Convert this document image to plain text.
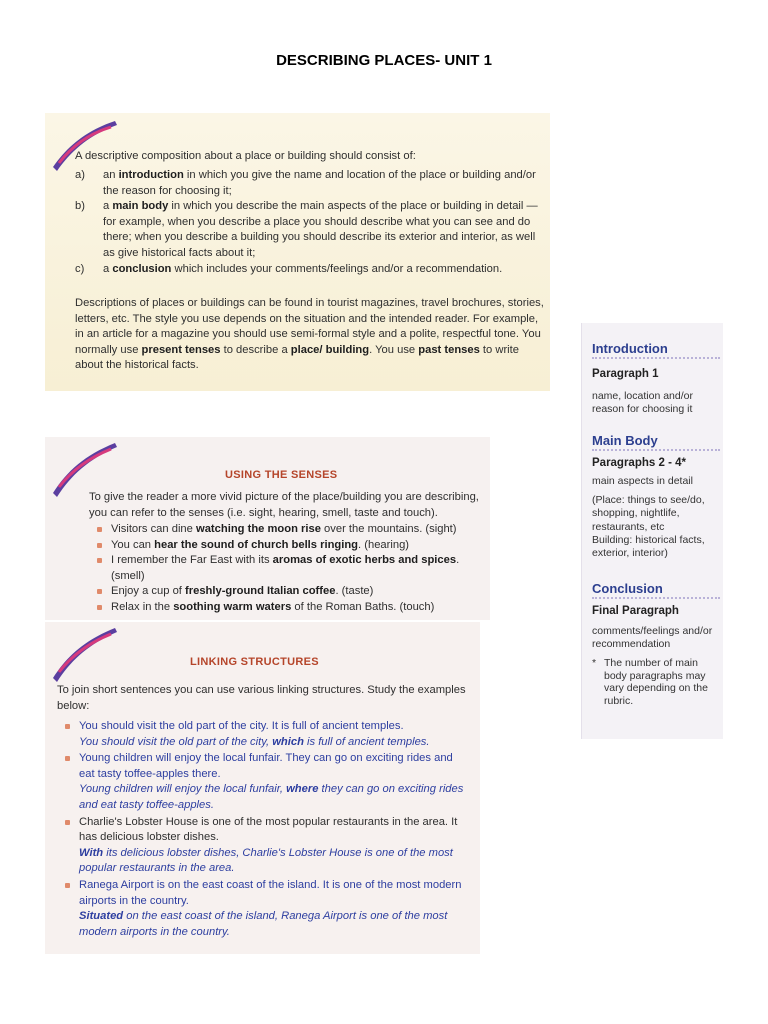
DESCRIBING PLACES- UNIT 1
A descriptive composition about a place or building should consist of:
a) an introduction in which you give the name and location of the place or building and/or the reason for choosing it;
b) a main body in which you describe the main aspects of the place or building in detail — for example, when you describe a place you should describe what you can see and do there; when you describe a building you should describe its exterior and interior, as well as give historical facts about it;
c) a conclusion which includes your comments/feelings and/or a recommendation.
Descriptions of places or buildings can be found in tourist magazines, travel brochures, stories, letters, etc. The style you use depends on the situation and the intended reader. For example, in an article for a magazine you should use semi-formal style and a polite, respectful tone. You normally use present tenses to describe a place/ building. You use past tenses to write about the historical facts.
USING THE SENSES
To give the reader a more vivid picture of the place/building you are describing, you can refer to the senses (i.e. sight, hearing, smell, taste and touch).
Visitors can dine watching the moon rise over the mountains. (sight)
You can hear the sound of church bells ringing. (hearing)
I remember the Far East with its aromas of exotic herbs and spices. (smell)
Enjoy a cup of freshly-ground Italian coffee. (taste)
Relax in the soothing warm waters of the Roman Baths. (touch)
LINKING STRUCTURES
To join short sentences you can use various linking structures. Study the examples below:
You should visit the old part of the city. It is full of ancient temples.
You should visit the old part of the city, which is full of ancient temples.
Young children will enjoy the local funfair. They can go on exciting rides and eat tasty toffee-apples there.
Young children will enjoy the local funfair, where they can go on exciting rides and eat tasty toffee-apples.
Charlie's Lobster House is one of the most popular restaurants in the area. It has delicious lobster dishes.
With its delicious lobster dishes, Charlie's Lobster House is one of the most popular restaurants in the area.
Ranega Airport is on the east coast of the island. It is one of the most modern airports in the country.
Situated on the east coast of the island, Ranega Airport is one of the most modern airports in the country.
Introduction
Paragraph 1
name, location and/or reason for choosing it
Main Body
Paragraphs 2 - 4*
main aspects in detail
(Place: things to see/do, shopping, nightlife, restaurants, etc
Building: historical facts, exterior, interior)
Conclusion
Final Paragraph
comments/feelings and/or recommendation
* The number of main body paragraphs may vary depending on the rubric.
